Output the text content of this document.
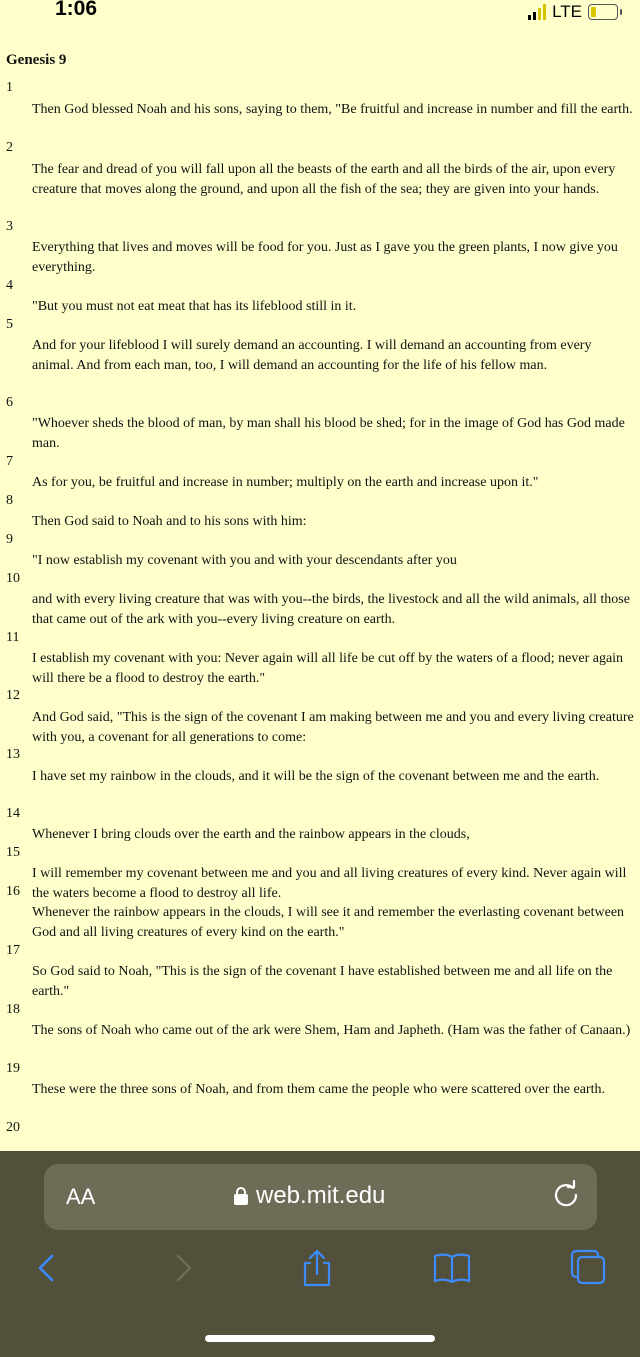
1:06	LTE
Genesis 9
1
Then God blessed Noah and his sons, saying to them, "Be fruitful and increase in number and fill the earth.
2
The fear and dread of you will fall upon all the beasts of the earth and all the birds of the air, upon every creature that moves along the ground, and upon all the fish of the sea; they are given into your hands.
3
Everything that lives and moves will be food for you. Just as I gave you the green plants, I now give you everything.
4
"But you must not eat meat that has its lifeblood still in it.
5
And for your lifeblood I will surely demand an accounting. I will demand an accounting from every animal. And from each man, too, I will demand an accounting for the life of his fellow man.
6
"Whoever sheds the blood of man, by man shall his blood be shed; for in the image of God has God made man.
7
As for you, be fruitful and increase in number; multiply on the earth and increase upon it."
8
Then God said to Noah and to his sons with him:
9
"I now establish my covenant with you and with your descendants after you
10
and with every living creature that was with you--the birds, the livestock and all the wild animals, all those that came out of the ark with you--every living creature on earth.
11
I establish my covenant with you: Never again will all life be cut off by the waters of a flood; never again will there be a flood to destroy the earth."
12
And God said, "This is the sign of the covenant I am making between me and you and every living creature with you, a covenant for all generations to come:
13
I have set my rainbow in the clouds, and it will be the sign of the covenant between me and the earth.
14
Whenever I bring clouds over the earth and the rainbow appears in the clouds,
15
I will remember my covenant between me and you and all living creatures of every kind. Never again will the waters become a flood to destroy all life.
16
Whenever the rainbow appears in the clouds, I will see it and remember the everlasting covenant between God and all living creatures of every kind on the earth."
17
So God said to Noah, "This is the sign of the covenant I have established between me and all life on the earth."
18
The sons of Noah who came out of the ark were Shem, Ham and Japheth. (Ham was the father of Canaan.)
19
These were the three sons of Noah, and from them came the people who were scattered over the earth.
20
AA	web.mit.edu
